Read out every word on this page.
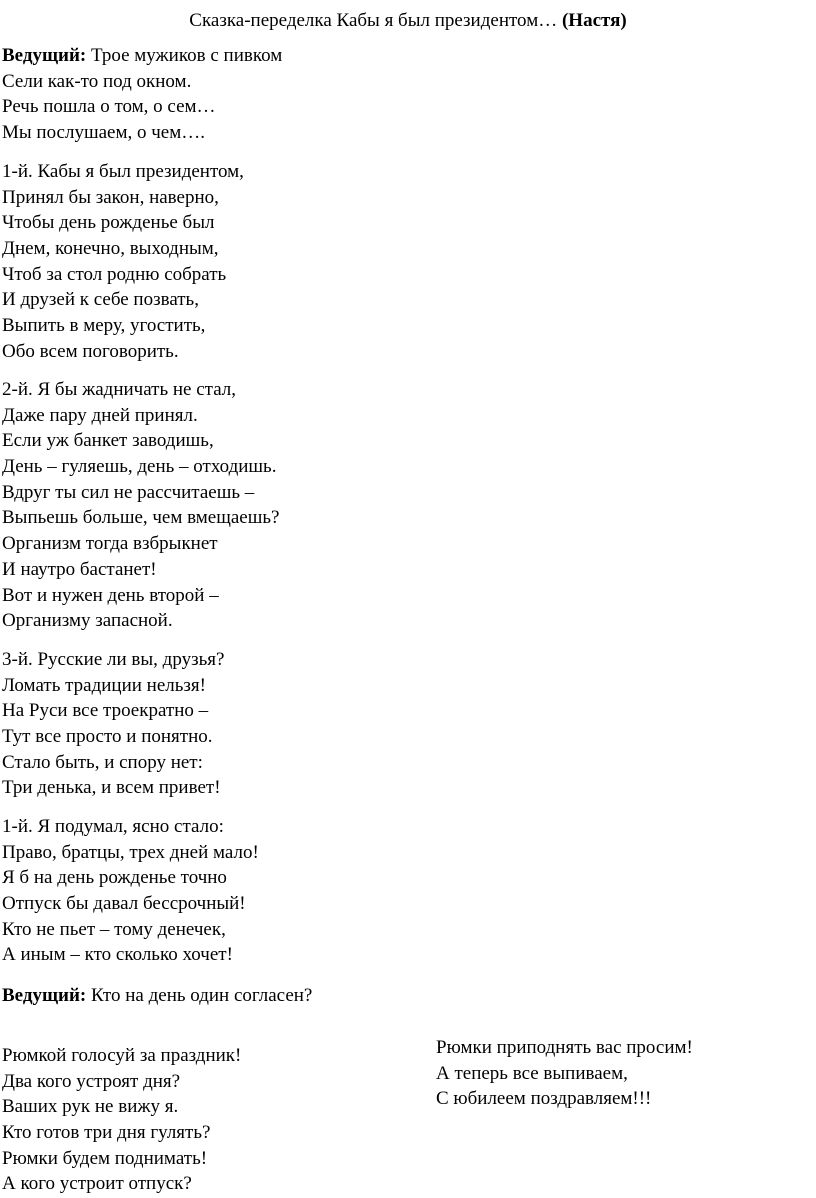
Сказка-переделка Кабы я был президентом… (Настя)
Ведущий: Трое мужиков с пивком
Сели как-то под окном.
Речь пошла о том, о сем…
Мы послушаем, о чем….
1-й. Кабы я был президентом,
Принял бы закон, наверно,
Чтобы день рожденье был
Днем, конечно, выходным,
Чтоб за стол родню собрать
И друзей к себе позвать,
Выпить в меру, угостить,
Обо всем поговорить.
2-й. Я бы жадничать не стал,
Даже пару дней принял.
Если уж банкет заводишь,
День – гуляешь, день – отходишь.
Вдруг ты сил не рассчитаешь –
Выпьешь больше, чем вмещаешь?
Организм тогда взбрыкнет
И наутро бастанет!
Вот и нужен день второй –
Организму запасной.
3-й. Русские ли вы, друзья?
Ломать традиции нельзя!
На Руси все троекратно –
Тут все просто и понятно.
Стало быть, и спору нет:
Три денька, и всем привет!
1-й. Я подумал, ясно стало:
Право, братцы, трех дней мало!
Я б на день рожденье точно
Отпуск бы давал бессрочный!
Кто не пьет – тому денечек,
А иным – кто сколько хочет!
Ведущий: Кто на день один согласен?
Рюмкой голосуй за праздник!
Два кого устроят дня?
Ваших рук не вижу я.
Кто готов три дня гулять?
Рюмки будем поднимать!
А кого устроит отпуск?
Рюмки приподнять вас просим!
А теперь все выпиваем,
С юбилеем поздравляем!!!
